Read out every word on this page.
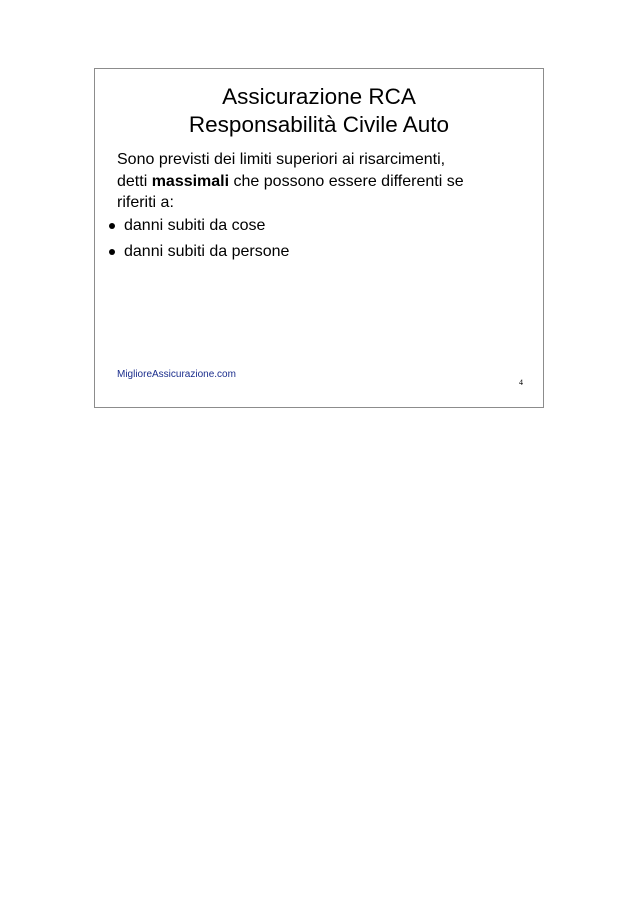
Assicurazione RCA
Responsabilità Civile Auto
Sono previsti dei limiti superiori ai risarcimenti,
detti massimali che possono essere differenti se
riferiti a:
danni subiti da cose
danni subiti da persone
MiglioreAssicurazione.com
4
